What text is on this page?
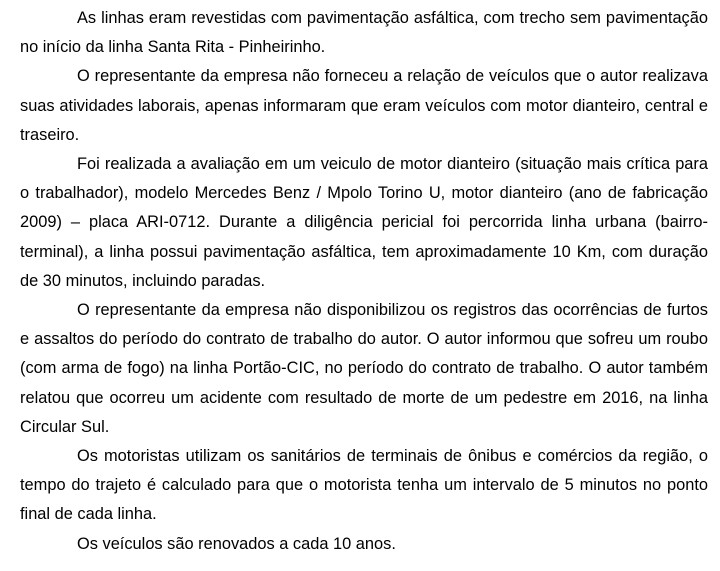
As linhas eram revestidas com pavimentação asfáltica, com trecho sem pavimentação no início da linha Santa Rita - Pinheirinho.

O representante da empresa não forneceu a relação de veículos que o autor realizava suas atividades laborais, apenas informaram que eram veículos com motor dianteiro, central e traseiro.

Foi realizada a avaliação em um veiculo de motor dianteiro (situação mais crítica para o trabalhador), modelo Mercedes Benz / Mpolo Torino U, motor dianteiro (ano de fabricação 2009) – placa ARI-0712. Durante a diligência pericial foi percorrida linha urbana (bairro-terminal), a linha possui pavimentação asfáltica, tem aproximadamente 10 Km, com duração de 30 minutos, incluindo paradas.

O representante da empresa não disponibilizou os registros das ocorrências de furtos e assaltos do período do contrato de trabalho do autor. O autor informou que sofreu um roubo (com arma de fogo) na linha Portão-CIC, no período do contrato de trabalho. O autor também relatou que ocorreu um acidente com resultado de morte de um pedestre em 2016, na linha Circular Sul.

Os motoristas utilizam os sanitários de terminais de ônibus e comércios da região, o tempo do trajeto é calculado para que o motorista tenha um intervalo de 5 minutos no ponto final de cada linha.

Os veículos são renovados a cada 10 anos.
